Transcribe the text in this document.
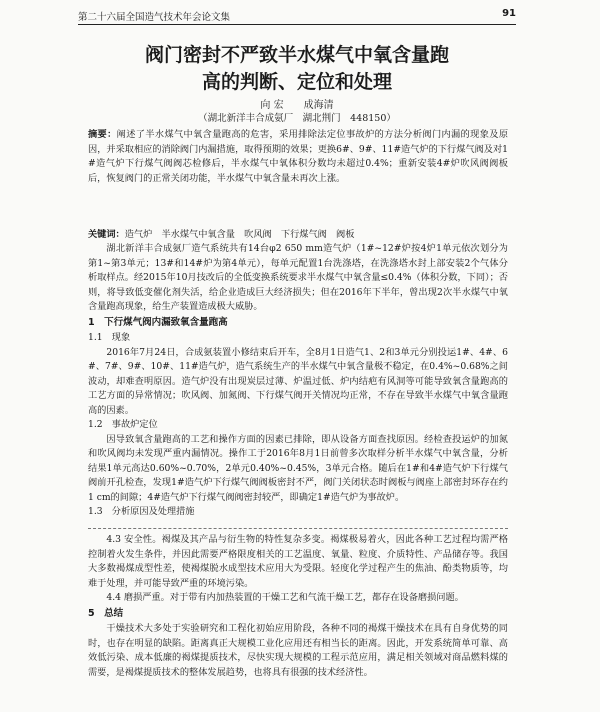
第二十六届全国造气技术年会论文集	91
阀门密封不严致半水煤气中氧含量跑
高的判断、定位和处理
向 宏　　成海清
（湖北新洋丰合成氨厂　湖北荆门　448150）
摘要：阐述了半水煤气中氧含量跑高的危害，采用排除法定位事故炉的方法分析阀门内漏的现象及原因，并采取相应的消除阀门内漏措施，取得预期的效果；更换6#、9#、11#造气炉的下行煤气阀及对1#造气炉下行煤气阀阀芯检修后，半水煤气中氧体积分数均未超过0.4%；重新安装4#炉吹风阀阀板后，恢复阀门的正常关闭功能，半水煤气中氧含量未再次上涨。
关键词：造气炉　半水煤气中氧含量　吹风阀　下行煤气阀　阀板

湖北新洋丰合成氨厂造气系统共有14台φ2 650 mm造气炉（1#~12#炉按4炉1单元依次划分为第1~第3单元；13#和14#炉为第4单元），每单元配置1台洗涤塔，在洗涤塔水封上部安装2个气体分析取样点。经2015年10月技改后的全低变换系统要求半水煤气中氧含量≤0.4%（体积分数，下同）；否则，将导致低变催化剂失活，给企业造成巨大经济损失；但在2016年下半年，曾出现2次半水煤气中氧含量跑高现象，给生产装置造成极大威胁。

1　下行煤气阀内漏致氧含量跑高

1.1　现象

2016年7月24日，合成氨装置小修结束后开车，全8月1日造气1、2和3单元分别投运1#、4#、6#、7#、9#、10#、11#造气炉，造气系统生产的半水煤气中氧含量极不稳定，在0.4%~0.68%之间波动，却难查明原因。造气炉没有出现炭层过薄、炉温过低、炉内结疤有风洞等可能导致氧含量跑高的工艺方面的异常情况；吹风阀、加氮阀、下行煤气阀开关情况均正常，不存在导致半水煤气中氧含量跑高的因素。

1.2　事故炉定位

因导致氧含量跑高的工艺和操作方面的因素已排除，即从设备方面查找原因。经检查投运炉的加氮和吹风阀均未发现严重内漏情况。操作工于2016年8月1日前曾多次取样分析半水煤气中氧含量，分析结果1单元高达0.60%~0.70%，2单元0.40%~0.45%，3单元合格。随后在1#和4#造气炉下行煤气阀前开孔检查，发现1#造气炉下行煤气阀阀板密封不严，阀门关闭状态时阀板与阀座上部密封环存在约1 cm的间隙；4#造气炉下行煤气阀阀密封较严，即确定1#造气炉为事故炉。

1.3　分析原因及处理措施

4.3 安全性。褐煤及其产品与衍生物的特性复杂多变。褐煤极易着火，因此各种工艺过程均需严格控制着火发生条件，并因此需要严格限度相关的工艺温度、氧量、粒度、介质特性、产品储存等。我国大多数褐煤成型性差，使褐煤脱水成型技术应用大为受限。轻度化学过程产生的焦油、酚类物质等，均难于处理，并可能导致严重的环境污染。

4.4 磨损严重。对于带有内加热装置的干燥工艺和气流干燥工艺，都存在设备磨损问题。

5　总结

干燥技术大多处于实验研究和工程化初始应用阶段，各种不同的褐煤干燥技术在具有自身优势的同时，也存在明显的缺陷。距离真正大规模工业化应用还有相当长的距离。因此，开发系统简单可靠、高效低污染、成本低廉的褐煤提质技术，尽快实现大规模的工程示范应用，满足相关领域对商品燃料煤的需要，是褐煤提质技术的整体发展趋势，也将具有很强的技术经济性。
